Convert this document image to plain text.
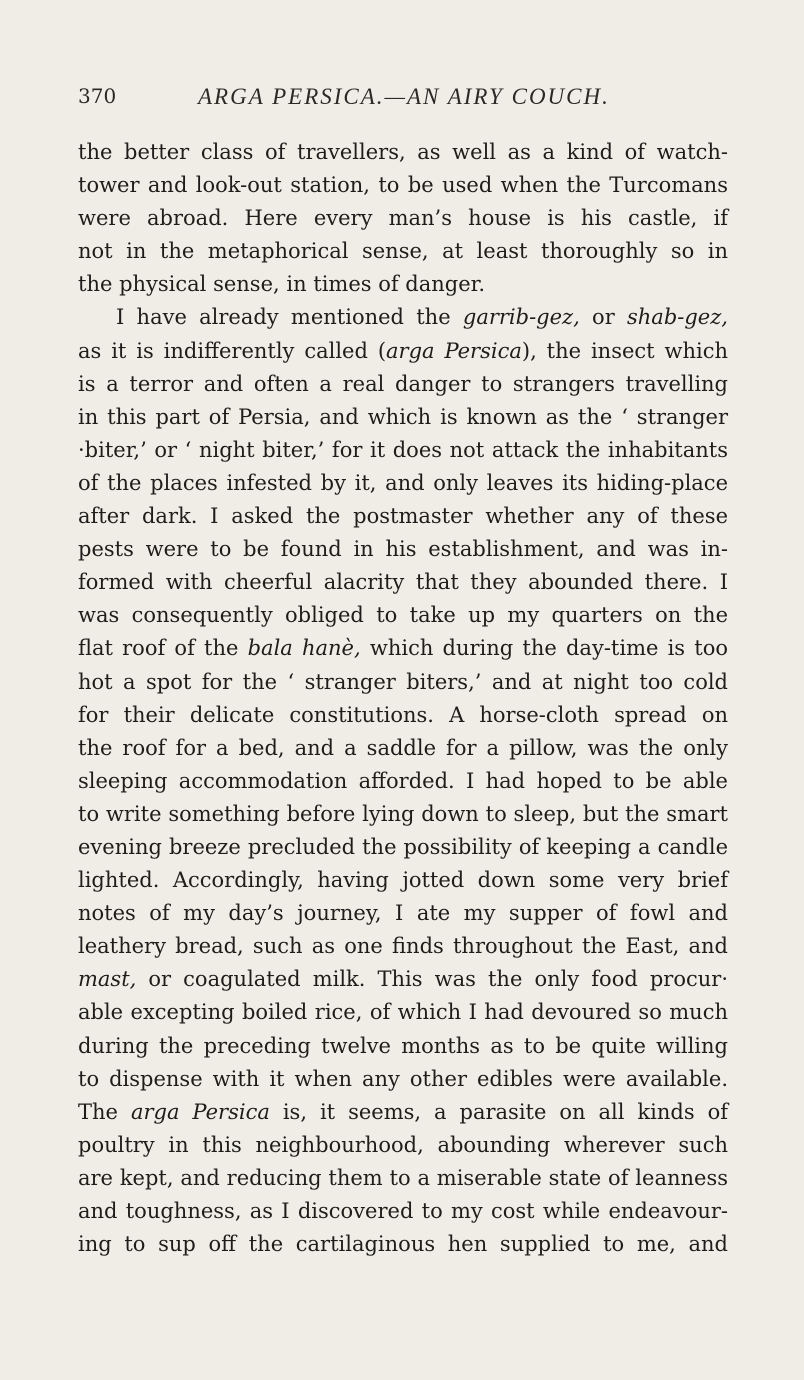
370	ARGA PERSICA.—AN AIRY COUCH.
the better class of travellers, as well as a kind of watch-
tower and look-out station, to be used when the Turcomans
were abroad. Here every man’s house is his castle, if
not in the metaphorical sense, at least thoroughly so in
the physical sense, in times of danger.
I have already mentioned the garrib-gez, or shab-gez,
as it is indifferently called (arga Persica), the insect which
is a terror and often a real danger to strangers travelling
in this part of Persia, and which is known as the ‘ stranger
·biter,’ or ‘ night biter,’ for it does not attack the inhabitants
of the places infested by it, and only leaves its hiding-place
after dark. I asked the postmaster whether any of these
pests were to be found in his establishment, and was in-
formed with cheerful alacrity that they abounded there. I
was consequently obliged to take up my quarters on the
flat roof of the bala hanè, which during the day-time is too
hot a spot for the ‘ stranger biters,’ and at night too cold
for their delicate constitutions. A horse-cloth spread on
the roof for a bed, and a saddle for a pillow, was the only
sleeping accommodation afforded. I had hoped to be able
to write something before lying down to sleep, but the smart
evening breeze precluded the possibility of keeping a candle
lighted. Accordingly, having jotted down some very brief
notes of my day’s journey, I ate my supper of fowl and
leathery bread, such as one finds throughout the East, and
mast, or coagulated milk. This was the only food procur·
able excepting boiled rice, of which I had devoured so much
during the preceding twelve months as to be quite willing
to dispense with it when any other edibles were available.
The arga Persica is, it seems, a parasite on all kinds of
poultry in this neighbourhood, abounding wherever such
are kept, and reducing them to a miserable state of leanness
and toughness, as I discovered to my cost while endeavour-
ing to sup off the cartilaginous hen supplied to me, and
